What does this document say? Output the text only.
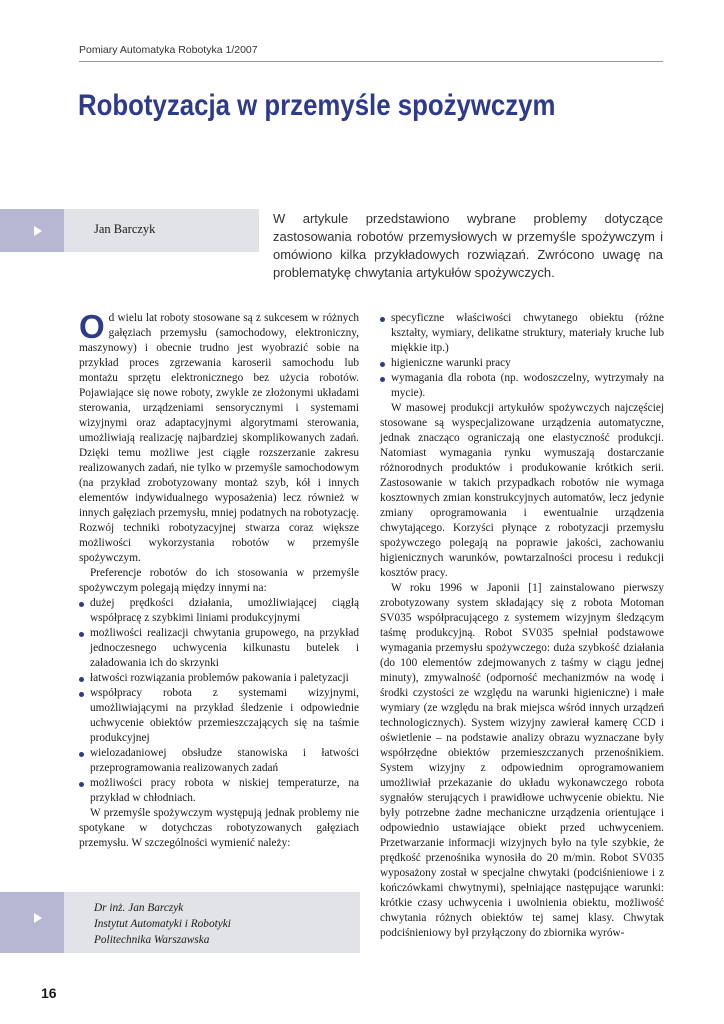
Pomiary Automatyka Robotyka 1/2007
Robotyzacja w przemyśle spożywczym
Jan Barczyk

W artykule przedstawiono wybrane problemy dotyczące zastosowania robotów przemysłowych w przemyśle spożywczym i omówiono kilka przykładowych rozwiązań. Zwrócono uwagę na problematykę chwytania artykułów spożywczych.

Od wielu lat roboty stosowane są z sukcesem w różnych gałęziach przemysłu (samochodowy, elektroniczny, maszynowy) i obecnie trudno jest wyobrazić sobie na przykład proces zgrzewania karoserii samochodu lub montażu sprzętu elektronicznego bez użycia robotów. Pojawiające się nowe roboty, zwykle ze złożonymi układami sterowania, urządzeniami sensorycznymi i systemami wizyjnymi oraz adaptacyjnymi algorytmami sterowania, umożliwiają realizację najbardziej skomplikowanych zadań. Dzięki temu możliwe jest ciągłe rozszerzanie zakresu realizowanych zadań, nie tylko w przemyśle samochodowym (na przykład zrobotyzowany montaż szyb, kół i innych elementów indywidualnego wyposażenia) lecz również w innych gałęziach przemysłu, mniej podatnych na robotyzację. Rozwój techniki robotyzacyjnej stwarza coraz większe możliwości wykorzystania robotów w przemyśle spożywczym.

Preferencje robotów do ich stosowania w przemyśle spożywczym polegają między innymi na:

dużej prędkości działania, umożliwiającej ciągłą współpracę z szybkimi liniami produkcyjnymi
możliwości realizacji chwytania grupowego, na przykład jednoczesnego uchwycenia kilkunastu butelek i załadowania ich do skrzynki
łatwości rozwiązania problemów pakowania i paletyzacji
współpracy robota z systemami wizyjnymi, umożliwiającymi na przykład śledzenie i odpowiednie uchwycenie obiektów przemieszczających się na taśmie produkcyjnej
wielozadaniowej obsłudze stanowiska i łatwości przeprogramowania realizowanych zadań
możliwości pracy robota w niskiej temperaturze, na przykład w chłodniach.

W przemyśle spożywczym występują jednak problemy nie spotykane w dotychczas robotyzowanych gałęziach przemysłu. W szczególności wymienić należy:

Dr inż. Jan Barczyk
Instytut Automatyki i Robotyki
Politechnika Warszawska
specyficzne właściwości chwytanego obiektu (różne kształty, wymiary, delikatne struktury, materiały kruche lub miękkie itp.)
higieniczne warunki pracy
wymagania dla robota (np. wodoszczelny, wytrzymały na mycie).

W masowej produkcji artykułów spożywczych najczęściej stosowane są wyspecjalizowane urządzenia automatyczne, jednak znacząco ograniczają one elastyczność produkcji. Natomiast wymagania rynku wymuszają dostarczanie różnorodnych produktów i produkowanie krótkich serii. Zastosowanie w takich przypadkach robotów nie wymaga kosztownych zmian konstrukcyjnych automatów, lecz jedynie zmiany oprogramowania i ewentualnie urządzenia chwytającego. Korzyści płynące z robotyzacji przemysłu spożywczego polegają na poprawie jakości, zachowaniu higienicznych warunków, powtarzalności procesu i redukcji kosztów pracy.

W roku 1996 w Japonii [1] zainstalowano pierwszy zrobotyzowany system składający się z robota Motoman SV035 współpracującego z systemem wizyjnym śledzącym taśmę produkcyjną. Robot SV035 spełniał podstawowe wymagania przemysłu spożywczego: duża szybkość działania (do 100 elementów zdejmowanych z taśmy w ciągu jednej minuty), zmywalność (odporność mechanizmów na wodę i środki czystości ze względu na warunki higieniczne) i małe wymiary (ze względu na brak miejsca wśród innych urządzeń technologicznych). System wizyjny zawierał kamerę CCD i oświetlenie – na podstawie analizy obrazu wyznaczane były współrzędne obiektów przemieszczanych przenośnikiem. System wizyjny z odpowiednim oprogramowaniem umożliwiał przekazanie do układu wykonawczego robota sygnałów sterujących i prawidłowe uchwycenie obiektu. Nie były potrzebne żadne mechaniczne urządzenia orientujące i odpowiednio ustawiające obiekt przed uchwyceniem. Przetwarzanie informacji wizyjnych było na tyle szybkie, że prędkość przenośnika wynosiła do 20 m/min. Robot SV035 wyposażony został w specjalne chwytaki (podciśnieniowe i z kończówkami chwytnymi), spełniające następujące warunki: krótkie czasy uchwycenia i uwolnienia obiektu, możliwość chwytania różnych obiektów tej samej klasy. Chwytak podciśnieniowy był przyłączony do zbiornika wyrów-

16
